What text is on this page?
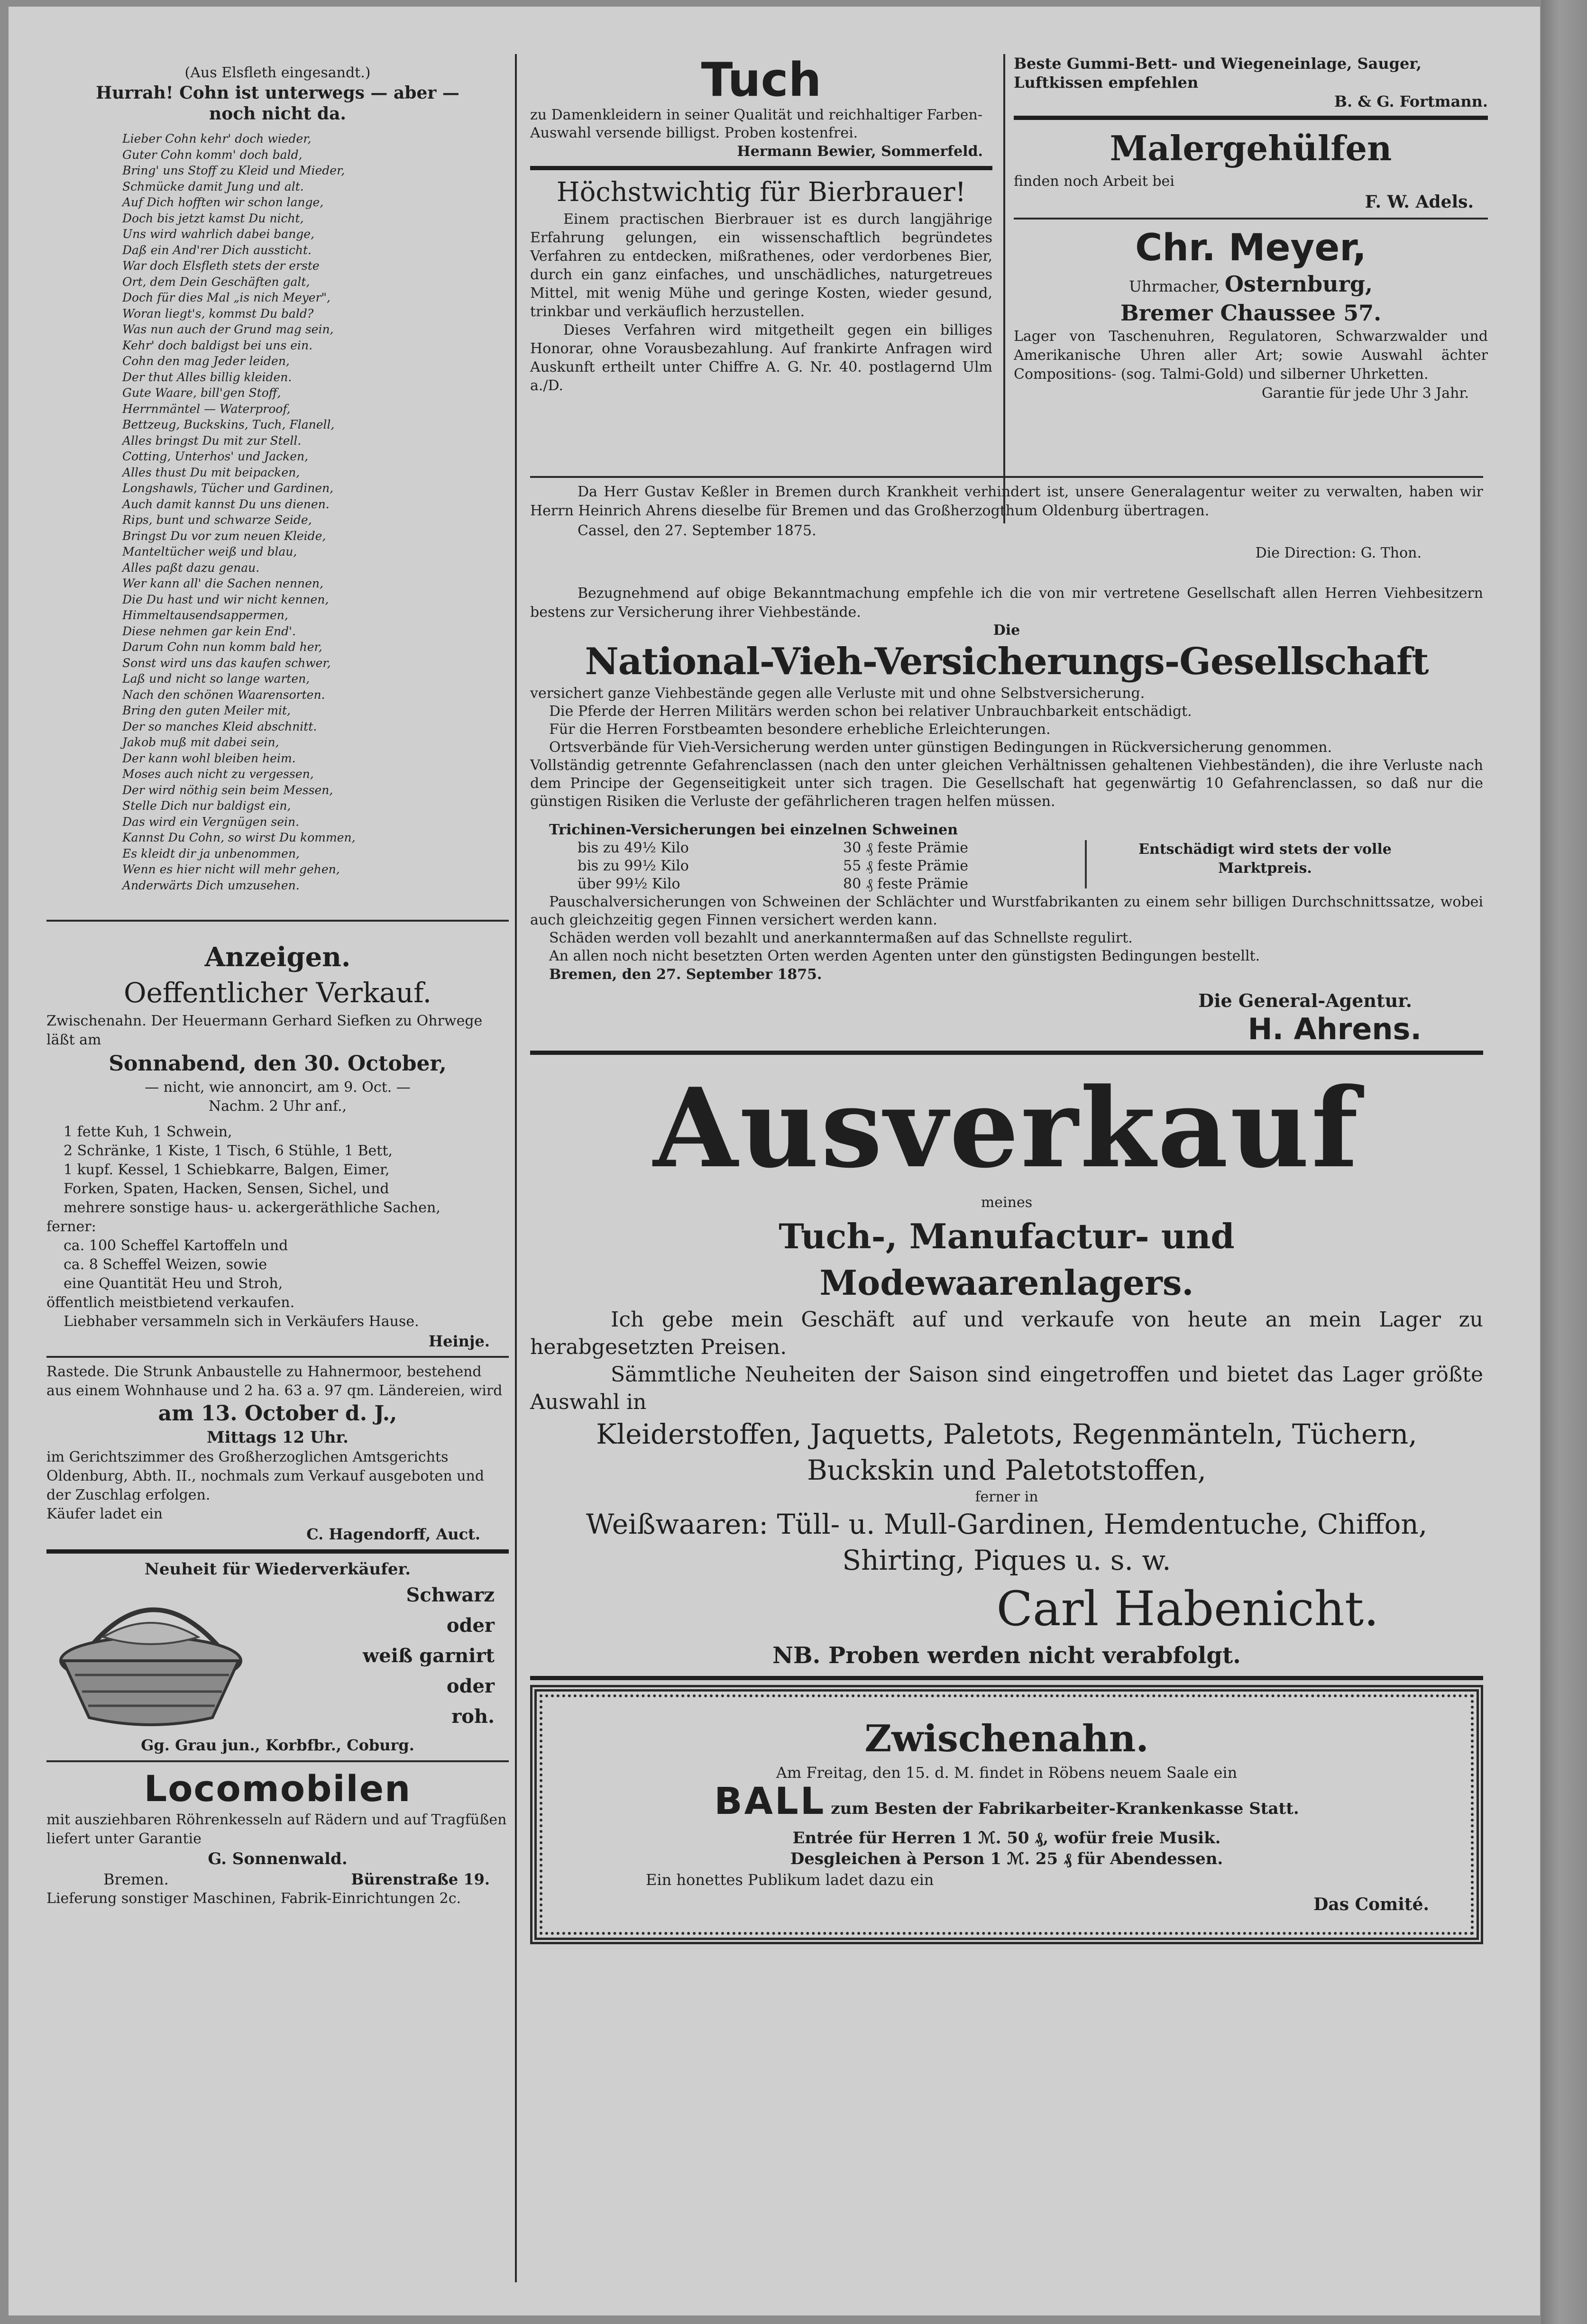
(Aus Elsfleth eingesandt.)

Hurrah! Cohn ist unterwegs — aber —

noch nicht da.

Lieber Cohn kehr' doch wieder,

Guter Cohn komm' doch bald,

Bring' uns Stoff zu Kleid und Mieder,

Schmücke damit Jung und alt.

Auf Dich hofften wir schon lange,

Doch bis jetzt kamst Du nicht,

Uns wird wahrlich dabei bange,

Daß ein And'rer Dich aussticht.

War doch Elsfleth stets der erste

Ort, dem Dein Geschäften galt,

Doch für dies Mal „is nich Meyer",

Woran liegt's, kommst Du bald?

Was nun auch der Grund mag sein,

Kehr' doch baldigst bei uns ein.

Cohn den mag Jeder leiden,

Der thut Alles billig kleiden.

Gute Waare, bill'gen Stoff,

Herrnmäntel — Waterproof,

Bettzeug, Buckskins, Tuch, Flanell,

Alles bringst Du mit zur Stell.

Cotting, Unterhos' und Jacken,

Alles thust Du mit beipacken,

Longshawls, Tücher und Gardinen,

Auch damit kannst Du uns dienen.

Rips, bunt und schwarze Seide,

Bringst Du vor zum neuen Kleide,

Manteltücher weiß und blau,

Alles paßt dazu genau.

Wer kann all' die Sachen nennen,

Die Du hast und wir nicht kennen,

Himmeltausendsappermen,

Diese nehmen gar kein End'.

Darum Cohn nun komm bald her,

Sonst wird uns das kaufen schwer,

Laß und nicht so lange warten,

Nach den schönen Waarensorten.

Bring den guten Meiler mit,

Der so manches Kleid abschnitt.

Jakob muß mit dabei sein,

Der kann wohl bleiben heim.

Moses auch nicht zu vergessen,

Der wird nöthig sein beim Messen,

Stelle Dich nur baldigst ein,

Das wird ein Vergnügen sein.

Kannst Du Cohn, so wirst Du kommen,

Es kleidt dir ja unbenommen,

Wenn es hier nicht will mehr gehen,

Anderwärts Dich umzusehen.

Anzeigen.

Oeffentlicher Verkauf.

Zwischenahn. Der Heuermann Gerhard Siefken zu Ohrwege läßt am

Sonnabend, den 30. October,

— nicht, wie annoncirt, am 9. Oct. —

Nachm. 2 Uhr anf.,

1 fette Kuh, 1 Schwein,

2 Schränke, 1 Kiste, 1 Tisch, 6 Stühle, 1 Bett,

1 kupf. Kessel, 1 Schiebkarre, Balgen, Eimer,

Forken, Spaten, Hacken, Sensen, Sichel, und

mehrere sonstige haus- u. ackergeräthliche Sachen,

ferner:

ca. 100 Scheffel Kartoffeln und

ca. 8 Scheffel Weizen, sowie

eine Quantität Heu und Stroh,

öffentlich meistbietend verkaufen.

Liebhaber versammeln sich in Verkäufers Hause.

Heinje.

Rastede. Die Strunk Anbaustelle zu Hahnermoor, bestehend aus einem Wohnhause und 2 ha. 63 a. 97 qm. Ländereien, wird

am 13. October d. J.,

Mittags 12 Uhr.

im Gerichtszimmer des Großherzoglichen Amtsgerichts Oldenburg, Abth. II., nochmals zum Verkauf ausgeboten und der Zuschlag erfolgen.

Käufer ladet ein

C. Hagendorff, Auct.

Neuheit für Wiederverkäufer.

Schwarz

oder

weiß garnirt

oder

roh.

Gg. Grau jun., Korbfbr., Coburg.

Locomobilen

mit ausziehbaren Röhrenkesseln auf Rädern und auf Tragfüßen liefert unter Garantie

G. Sonnenwald.

Bremen.	Bürenstraße 19.

Lieferung sonstiger Maschinen, Fabrik-Einrichtungen 2c.

Tuch

zu Damenkleidern in seiner Qualität und reichhaltiger Farben-Auswahl versende billigst. Proben kostenfrei.

Hermann Bewier, Sommerfeld.

Höchstwichtig für Bierbrauer!

Einem practischen Bierbrauer ist es durch langjährige Erfahrung gelungen, ein wissenschaftlich begründetes Verfahren zu entdecken, mißrathenes, oder verdorbenes Bier, durch ein ganz einfaches, und unschädliches, naturgetreues Mittel, mit wenig Mühe und geringe Kosten, wieder gesund, trinkbar und verkäuflich herzustellen.

Dieses Verfahren wird mitgetheilt gegen ein billiges Honorar, ohne Vorausbezahlung. Auf frankirte Anfragen wird Auskunft ertheilt unter Chiffre A. G. Nr. 40. postlagernd Ulm a./D.

Beste Gummi-Bett- und Wiegeneinlage, Sauger, Luftkissen empfehlen

B. & G. Fortmann.

Malergehülfen

finden noch Arbeit bei

F. W. Adels.

Chr. Meyer,

Uhrmacher, Osternburg,

Bremer Chaussee 57.

Lager von Taschenuhren, Regulatoren, Schwarzwalder und Amerikanische Uhren aller Art; sowie Auswahl ächter Compositions- (sog. Talmi-Gold) und silberner Uhrketten.

Garantie für jede Uhr 3 Jahr.

Da Herr Gustav Keßler in Bremen durch Krankheit verhindert ist, unsere Generalagentur weiter zu verwalten, haben wir Herrn Heinrich Ahrens dieselbe für Bremen und das Großherzogthum Oldenburg übertragen.

Cassel, den 27. September 1875.

Die Direction: G. Thon.

Bezugnehmend auf obige Bekanntmachung empfehle ich die von mir vertretene Gesellschaft allen Herren Viehbesitzern bestens zur Versicherung ihrer Viehbestände.

Die

National-Vieh-Versicherungs-Gesellschaft

versichert ganze Viehbestände gegen alle Verluste mit und ohne Selbstversicherung.

Die Pferde der Herren Militärs werden schon bei relativer Unbrauchbarkeit entschädigt.

Für die Herren Forstbeamten besondere erhebliche Erleichterungen.

Ortsverbände für Vieh-Versicherung werden unter günstigen Bedingungen in Rückversicherung genommen.

Vollständig getrennte Gefahrenclassen (nach den unter gleichen Verhältnissen gehaltenen Viehbeständen), die ihre Verluste nach dem Principe der Gegenseitigkeit unter sich tragen. Die Gesellschaft hat gegenwärtig 10 Gefahrenclassen, so daß nur die günstigen Risiken die Verluste der gefährlicheren tragen helfen müssen.

Trichinen-Versicherungen bei einzelnen Schweinen

bis zu 49½ Kilo	30 ₰ feste Prämie
bis zu 99½ Kilo	55 ₰ feste Prämie
über 99½ Kilo	80 ₰ feste Prämie

Entschädigt wird stets der volle Marktpreis.

Pauschalversicherungen von Schweinen der Schlächter und Wurstfabrikanten zu einem sehr billigen Durchschnittssatze, wobei auch gleichzeitig gegen Finnen versichert werden kann.

Schäden werden voll bezahlt und anerkanntermaßen auf das Schnellste regulirt.

An allen noch nicht besetzten Orten werden Agenten unter den günstigsten Bedingungen bestellt.

Bremen, den 27. September 1875.

Die General-Agentur.

H. Ahrens.

Ausverkauf

meines

Tuch-, Manufactur- und

Modewaarenlagers.

Ich gebe mein Geschäft auf und verkaufe von heute an mein Lager zu herabgesetzten Preisen.

Sämmtliche Neuheiten der Saison sind eingetroffen und bietet das Lager größte Auswahl in

Kleiderstoffen, Jaquetts, Paletots, Regenmänteln, Tüchern,

Buckskin und Paletotstoffen,

ferner in

Weißwaaren: Tüll- u. Mull-Gardinen, Hemdentuche, Chiffon,

Shirting, Piques u. s. w.

Carl Habenicht.

NB. Proben werden nicht verabfolgt.

Zwischenahn.

Am Freitag, den 15. d. M. findet in Röbens neuem Saale ein

BALL zum Besten der Fabrikarbeiter-Krankenkasse Statt.

Entrée für Herren 1 ℳ. 50 ₰, wofür freie Musik.

Desgleichen à Person 1 ℳ. 25 ₰ für Abendessen.

Ein honettes Publikum ladet dazu ein

Das Comité.
